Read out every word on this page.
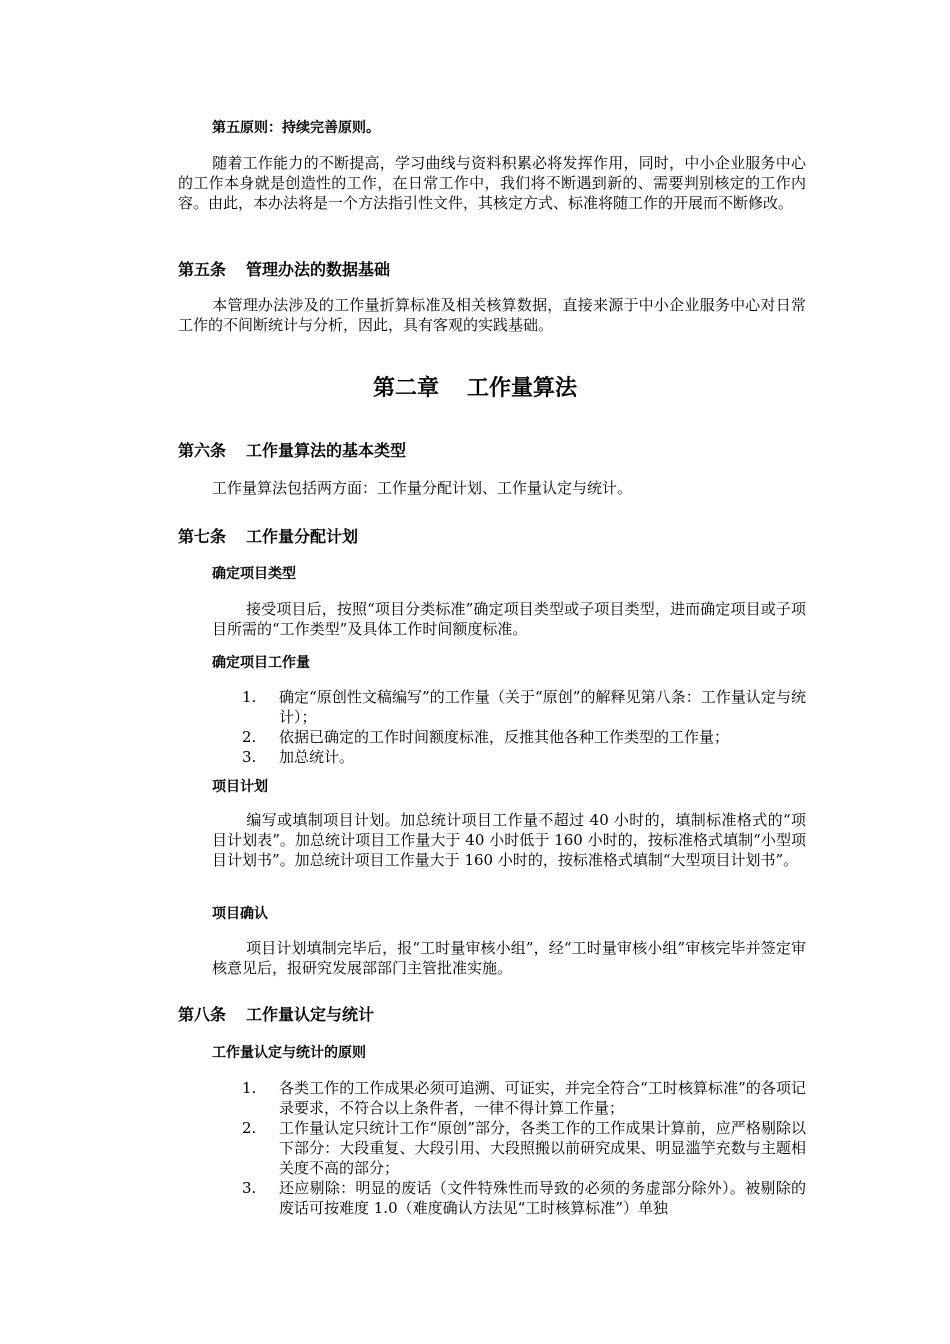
第五原则：持续完善原则。

随着工作能力的不断提高，学习曲线与资料积累必将发挥作用，同时，中小企业服务中心的工作本身就是创造性的工作，在日常工作中，我们将不断遇到新的、需要判别核定的工作内容。由此，本办法将是一个方法指引性文件，其核定方式、标准将随工作的开展而不断修改。

第五条 管理办法的数据基础

本管理办法涉及的工作量折算标准及相关核算数据，直接来源于中小企业服务中心对日常工作的不间断统计与分析，因此，具有客观的实践基础。

第二章 工作量算法

第六条 工作量算法的基本类型

工作量算法包括两方面：工作量分配计划、工作量认定与统计。

第七条 工作量分配计划

确定项目类型

接受项目后，按照“项目分类标准”确定项目类型或子项目类型，进而确定项目或子项目所需的“工作类型”及具体工作时间额度标准。

确定项目工作量

1. 确定“原创性文稿编写”的工作量（关于“原创”的解释见第八条：工作量认定与统计）；
2. 依据已确定的工作时间额度标准，反推其他各种工作类型的工作量；
3. 加总统计。

项目计划

编写或填制项目计划。加总统计项目工作量不超过 40 小时的，填制标准格式的“项目计划表”。加总统计项目工作量大于 40 小时低于 160 小时的，按标准格式填制“小型项目计划书”。加总统计项目工作量大于 160 小时的，按标准格式填制“大型项目计划书”。

项目确认

项目计划填制完毕后，报“工时量审核小组”，经“工时量审核小组”审核完毕并签定审核意见后，报研究发展部部门主管批准实施。

第八条 工作量认定与统计

工作量认定与统计的原则

1. 各类工作的工作成果必须可追溯、可证实，并完全符合“工时核算标准”的各项记录要求，不符合以上条件者，一律不得计算工作量；
2. 工作量认定只统计工作“原创”部分，各类工作的工作成果计算前，应严格剔除以下部分：大段重复、大段引用、大段照搬以前研究成果、明显滥竽充数与主题相关度不高的部分；
3. 还应剔除：明显的废话（文件特殊性而导致的必须的务虚部分除外）。被剔除的废话可按难度 1.0（难度确认方法见“工时核算标准”）单独
